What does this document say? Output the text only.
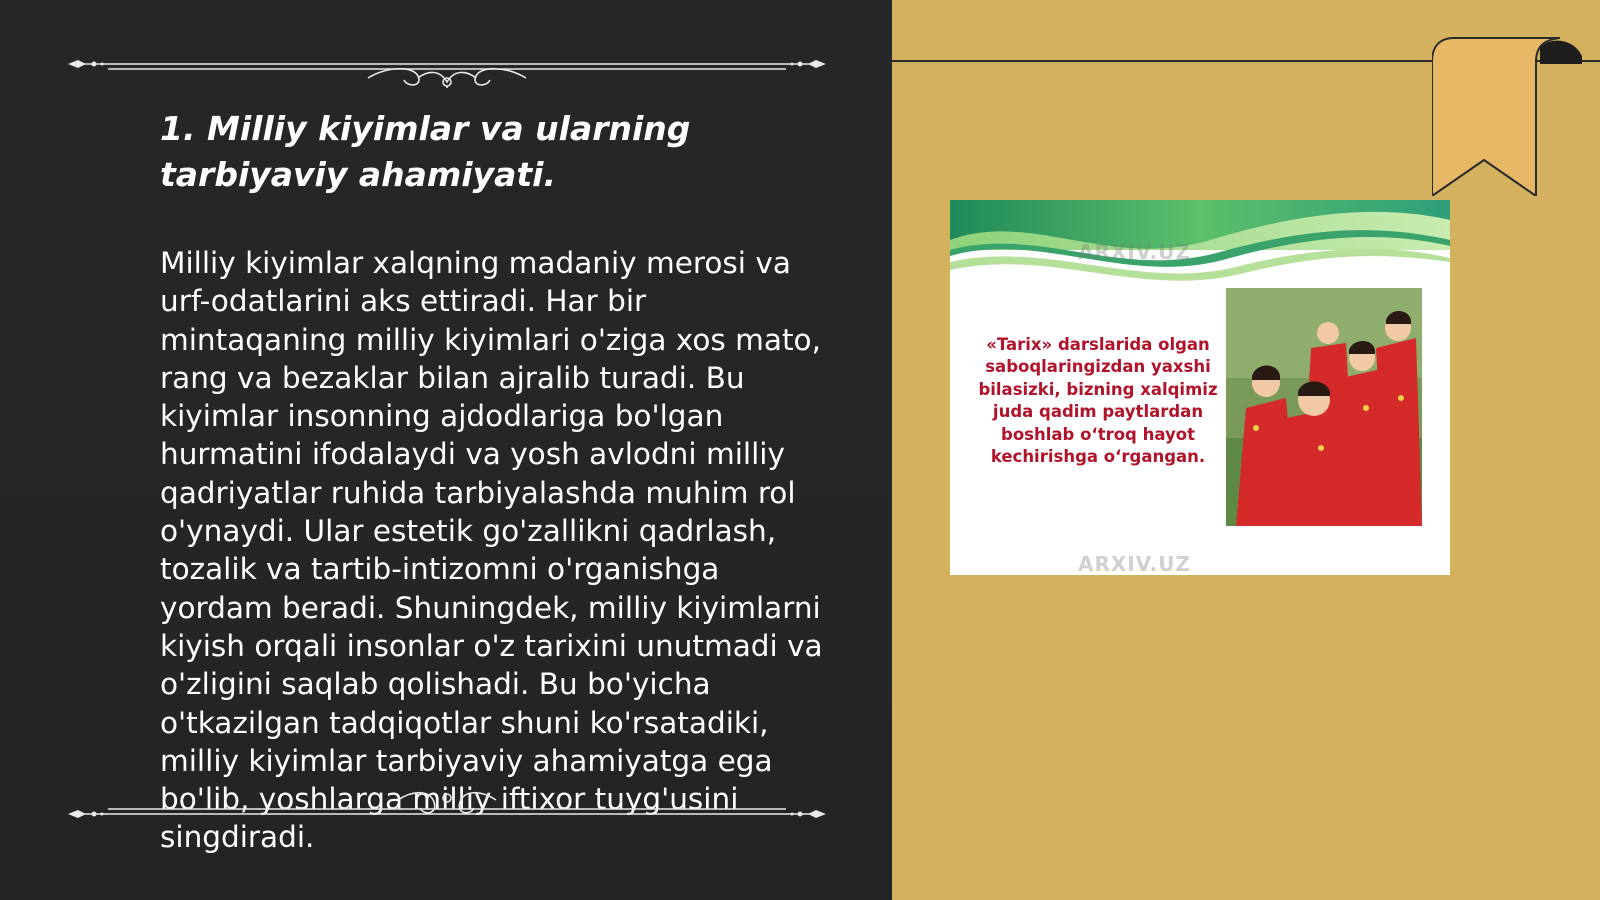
1. Milliy kiyimlar va ularning tarbiyaviy ahamiyati.

Milliy kiyimlar xalqning madaniy merosi va urf-odatlarini aks ettiradi. Har bir mintaqaning milliy kiyimlari o'ziga xos mato, rang va bezaklar bilan ajralib turadi. Bu kiyimlar insonning ajdodlariga bo'lgan hurmatini ifodalaydi va yosh avlodni milliy qadriyatlar ruhida tarbiyalashda muhim rol o'ynaydi. Ular estetik go'zallikni qadrlash, tozalik va tartib-intizomni o'rganishga yordam beradi. Shuningdek, milliy kiyimlarni kiyish orqali insonlar o'z tarixini unutmadi va o'zligini saqlab qolishadi. Bu bo'yicha o'tkazilgan tadqiqotlar shuni ko'rsatadiki, milliy kiyimlar tarbiyaviy ahamiyatga ega bo'lib, yoshlarga milliy iftixor tuyg'usini singdiradi.

ARXIV.UZ

«Tarix» darslarida olgan saboqlaringizdan yaxshi bilasizki, bizning xalqimiz juda qadim paytlardan boshlab o‘troq hayot kechirishga o‘rgangan.

ARXIV.UZ
